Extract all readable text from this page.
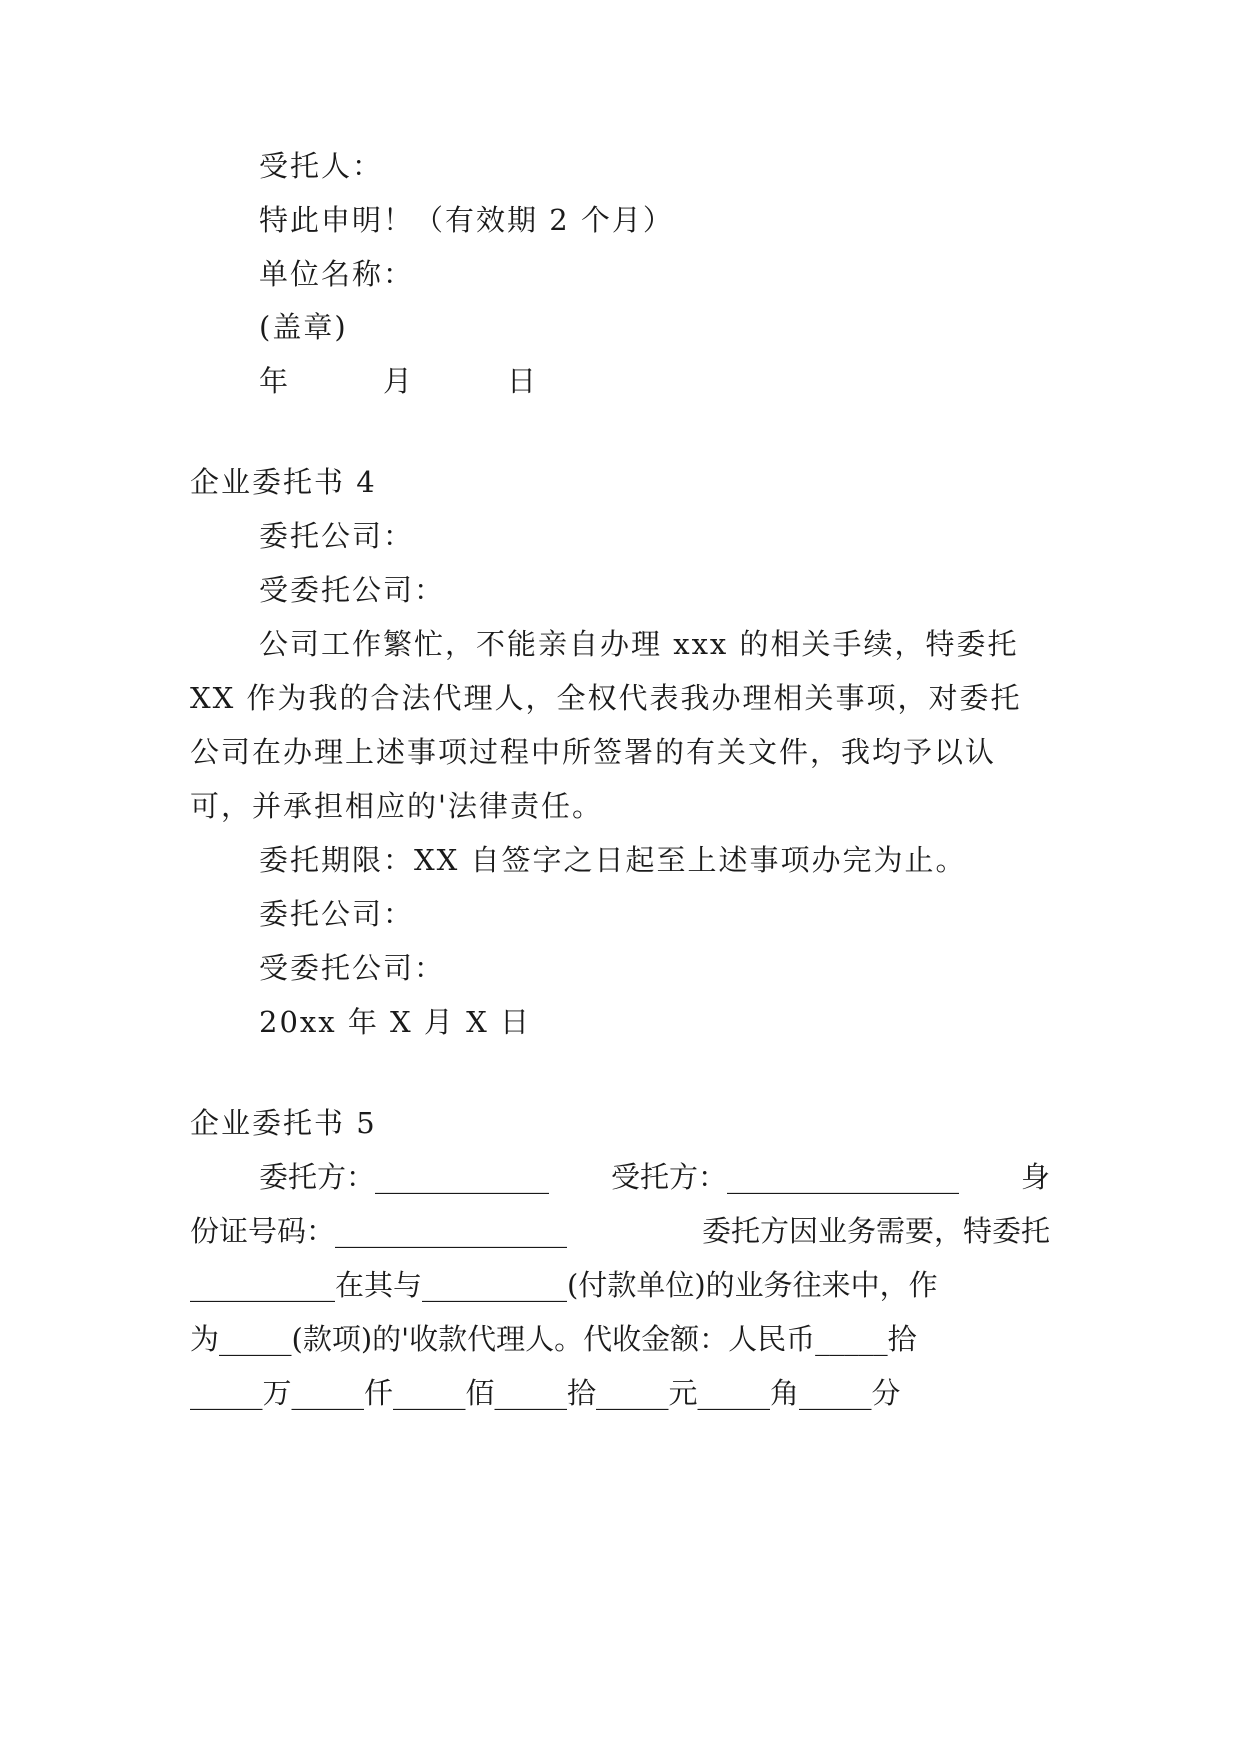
受托人：
特此申明！（有效期 2 个月）
单位名称：
(盖章)
年　　　月　　　日
企业委托书 4
委托公司：
受委托公司：
公司工作繁忙，不能亲自办理 xxx 的相关手续，特委托
XX 作为我的合法代理人，全权代表我办理相关事项，对委托
公司在办理上述事项过程中所签署的有关文件，我均予以认
可，并承担相应的'法律责任。
委托期限：XX 自签字之日起至上述事项办完为止。
委托公司：
受委托公司：
20xx 年 X 月 X 日
企业委托书 5
委托方：____________ 受托方：________________ 身
份证号码：________________	委托方因业务需要，特委托
__________在其与__________(付款单位)的业务往来中，作
为_____(款项)的'收款代理人。代收金额：人民币_____拾
_____万_____仟_____佰_____拾_____元_____角_____分
